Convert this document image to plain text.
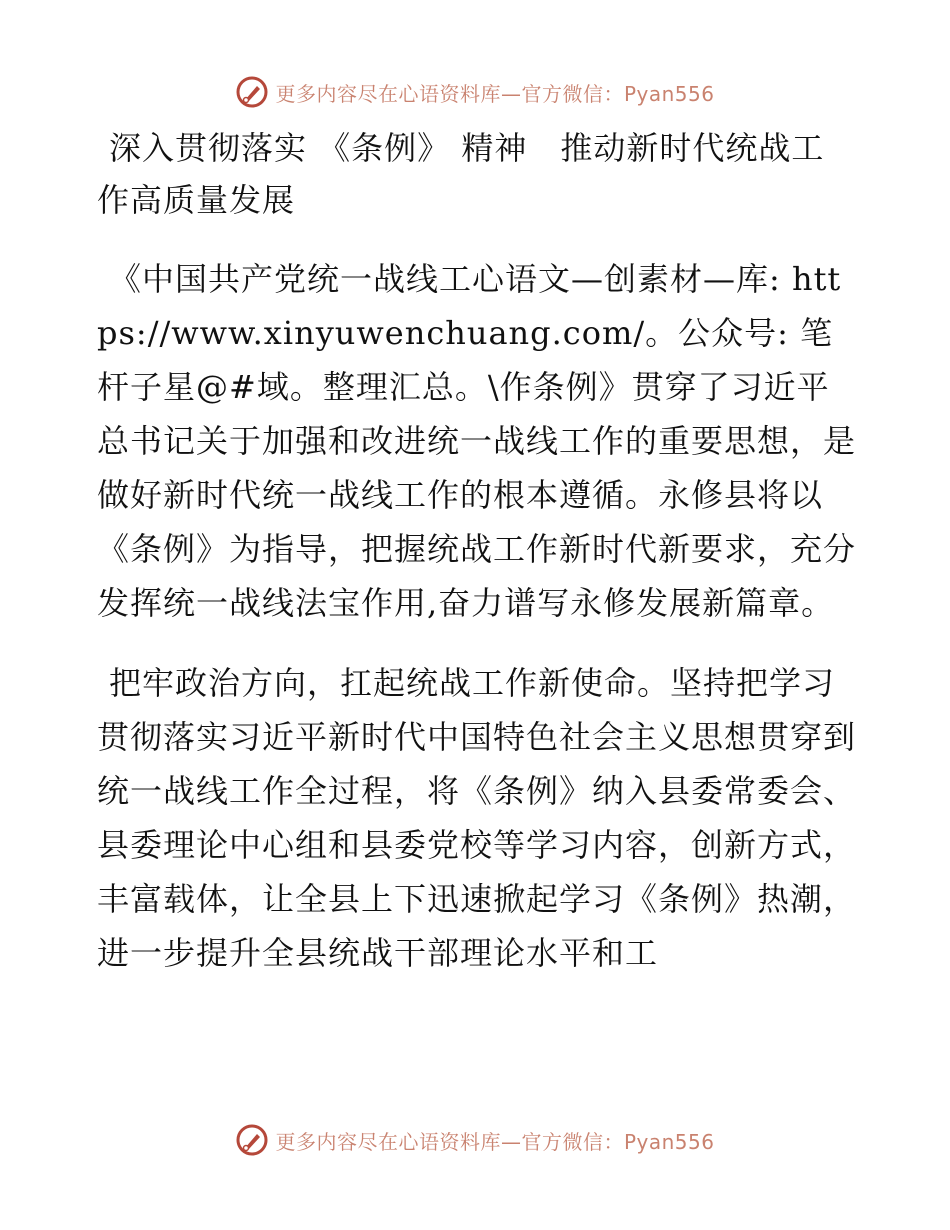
更多内容尽在心语资料库—官方微信：Pyan556
深入贯彻落实 《条例》 精神　推动新时代统战工作高质量发展

《中国共产党统一战线工心语文—创素材—库: https://www.xinyuwenchuang.com/。公众号: 笔杆子星@#域。整理汇总。\作条例》贯穿了习近平总书记关于加强和改进统一战线工作的重要思想，是做好新时代统一战线工作的根本遵循。永修县将以《条例》为指导，把握统战工作新时代新要求，充分发挥统一战线法宝作用,奋力谱写永修发展新篇章。

把牢政治方向，扛起统战工作新使命。坚持把学习贯彻落实习近平新时代中国特色社会主义思想贯穿到统一战线工作全过程，将《条例》纳入县委常委会、县委理论中心组和县委党校等学习内容，创新方式，丰富载体，让全县上下迅速掀起学习《条例》热潮，进一步提升全县统战干部理论水平和工

更多内容尽在心语资料库—官方微信：Pyan556
